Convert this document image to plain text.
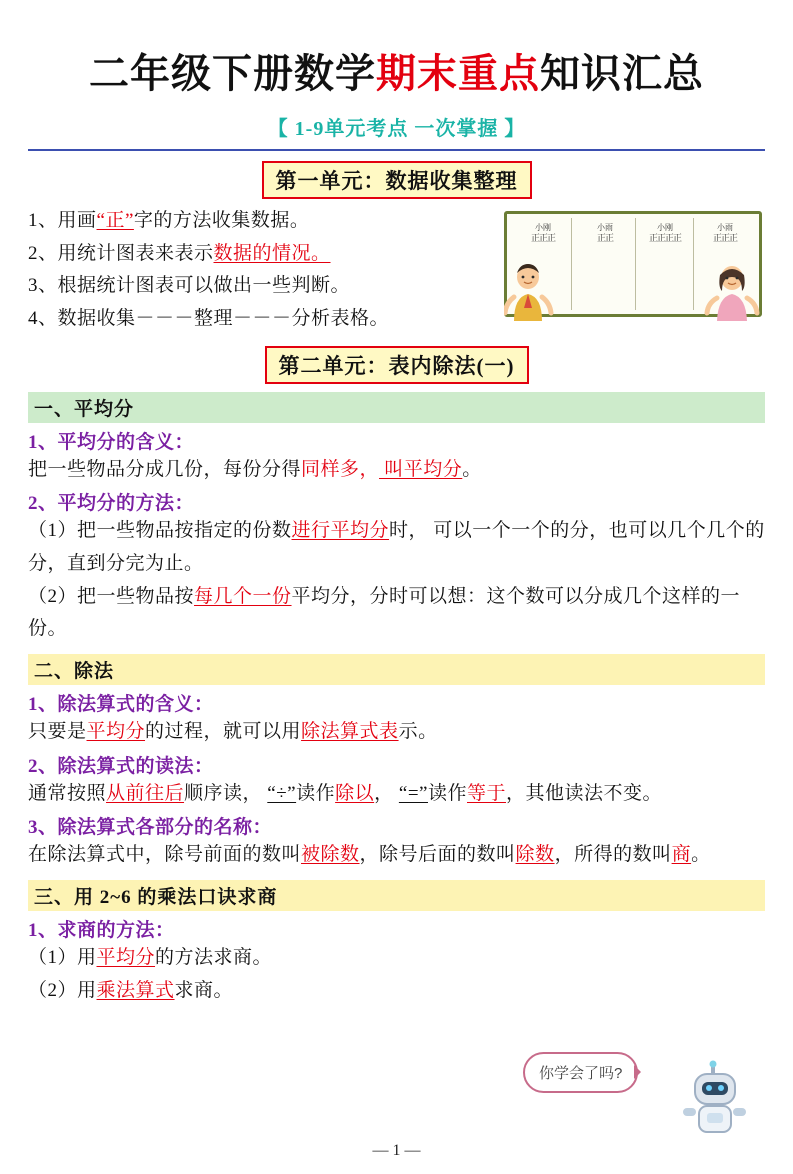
二年级下册数学期末重点知识汇总
【 1-9单元考点 一次掌握 】
第一单元：数据收集整理

1、用画“正”字的方法收集数据。

2、用统计图表来表示数据的情况。

3、根据统计图表可以做出一些判断。

4、数据收集－－－整理－－－分析表格。

小刚
正正正
小雨
正正
小刚
正正正正
小雨
正正正
第二单元：表内除法(一)
一、平均分

1、平均分的含义：

把一些物品分成几份，每份分得同样多， 叫平均分。

2、平均分的方法：

（1）把一些物品按指定的份数进行平均分时， 可以一个一个的分，也可以几个几个的分，直到分完为止。

（2）把一些物品按每几个一份平均分，分时可以想：这个数可以分成几个这样的一份。

二、除法

1、除法算式的含义：

只要是平均分的过程，就可以用除法算式表示。

2、除法算式的读法：

通常按照从前往后顺序读， “÷”读作除以， “=”读作等于，其他读法不变。

3、除法算式各部分的名称：

在除法算式中，除号前面的数叫被除数，除号后面的数叫除数，所得的数叫商。

三、用 2~6 的乘法口诀求商

1、求商的方法：

（1）用平均分的方法求商。

（2）用乘法算式求商。

你学会了吗?
— 1 —
